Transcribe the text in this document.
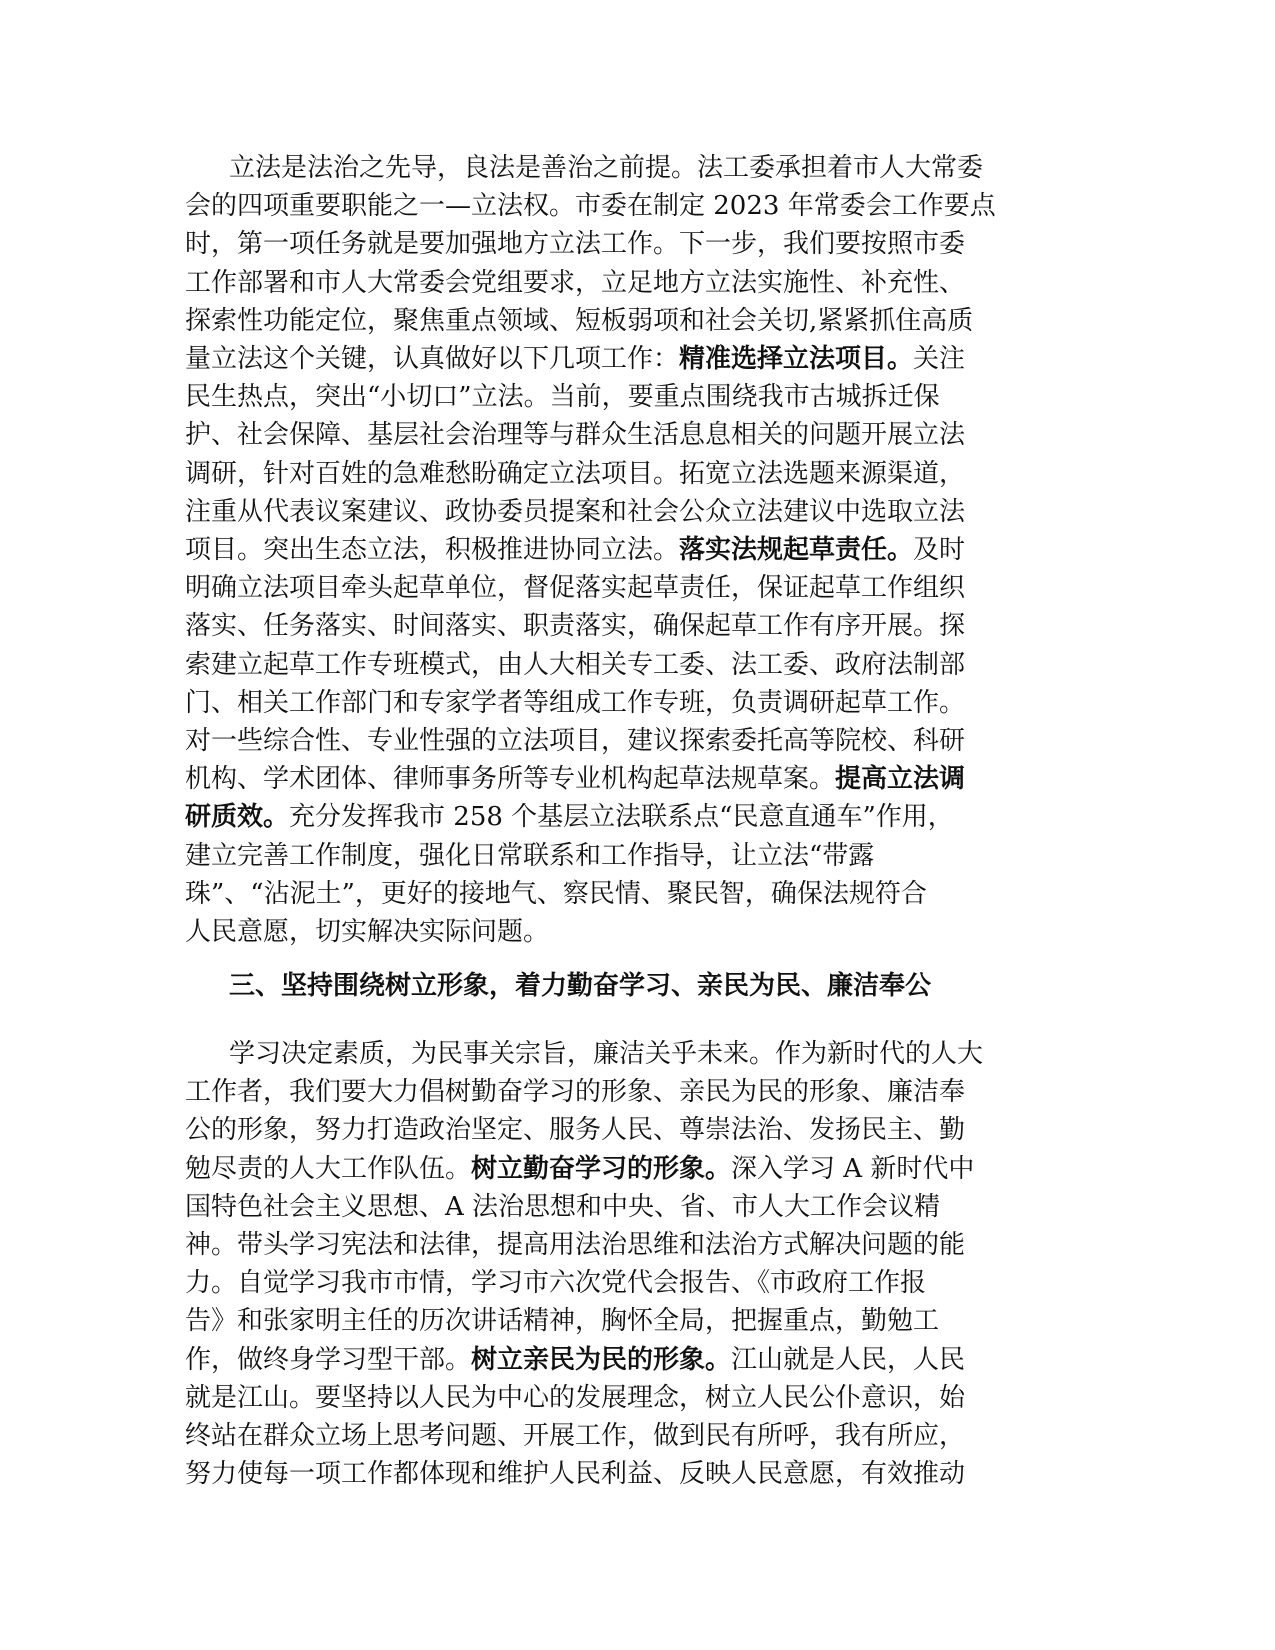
立法是法治之先导，良法是善治之前提。法工委承担着市人大常委
会的四项重要职能之一—立法权。市委在制定 2023 年常委会工作要点
时，第一项任务就是要加强地方立法工作。下一步，我们要按照市委
工作部署和市人大常委会党组要求，立足地方立法实施性、补充性、
探索性功能定位，聚焦重点领域、短板弱项和社会关切,紧紧抓住高质
量立法这个关键，认真做好以下几项工作：精准选择立法项目。关注
民生热点，突出“小切口”立法。当前，要重点围绕我市古城拆迁保
护、社会保障、基层社会治理等与群众生活息息相关的问题开展立法
调研，针对百姓的急难愁盼确定立法项目。拓宽立法选题来源渠道，
注重从代表议案建议、政协委员提案和社会公众立法建议中选取立法
项目。突出生态立法，积极推进协同立法。落实法规起草责任。及时
明确立法项目牵头起草单位，督促落实起草责任，保证起草工作组织
落实、任务落实、时间落实、职责落实，确保起草工作有序开展。探
索建立起草工作专班模式，由人大相关专工委、法工委、政府法制部
门、相关工作部门和专家学者等组成工作专班，负责调研起草工作。
对一些综合性、专业性强的立法项目，建议探索委托高等院校、科研
机构、学术团体、律师事务所等专业机构起草法规草案。提高立法调
研质效。充分发挥我市 258 个基层立法联系点“民意直通车”作用，
建立完善工作制度，强化日常联系和工作指导，让立法“带露
珠”、“沾泥土”，更好的接地气、察民情、聚民智，确保法规符合
人民意愿，切实解决实际问题。
三、坚持围绕树立形象，着力勤奋学习、亲民为民、廉洁奉公
学习决定素质，为民事关宗旨，廉洁关乎未来。作为新时代的人大
工作者，我们要大力倡树勤奋学习的形象、亲民为民的形象、廉洁奉
公的形象，努力打造政治坚定、服务人民、尊崇法治、发扬民主、勤
勉尽责的人大工作队伍。树立勤奋学习的形象。深入学习 A 新时代中
国特色社会主义思想、A 法治思想和中央、省、市人大工作会议精
神。带头学习宪法和法律，提高用法治思维和法治方式解决问题的能
力。自觉学习我市市情，学习市六次党代会报告、《市政府工作报
告》和张家明主任的历次讲话精神，胸怀全局，把握重点，勤勉工
作，做终身学习型干部。树立亲民为民的形象。江山就是人民，人民
就是江山。要坚持以人民为中心的发展理念，树立人民公仆意识，始
终站在群众立场上思考问题、开展工作，做到民有所呼，我有所应，
努力使每一项工作都体现和维护人民利益、反映人民意愿，有效推动
